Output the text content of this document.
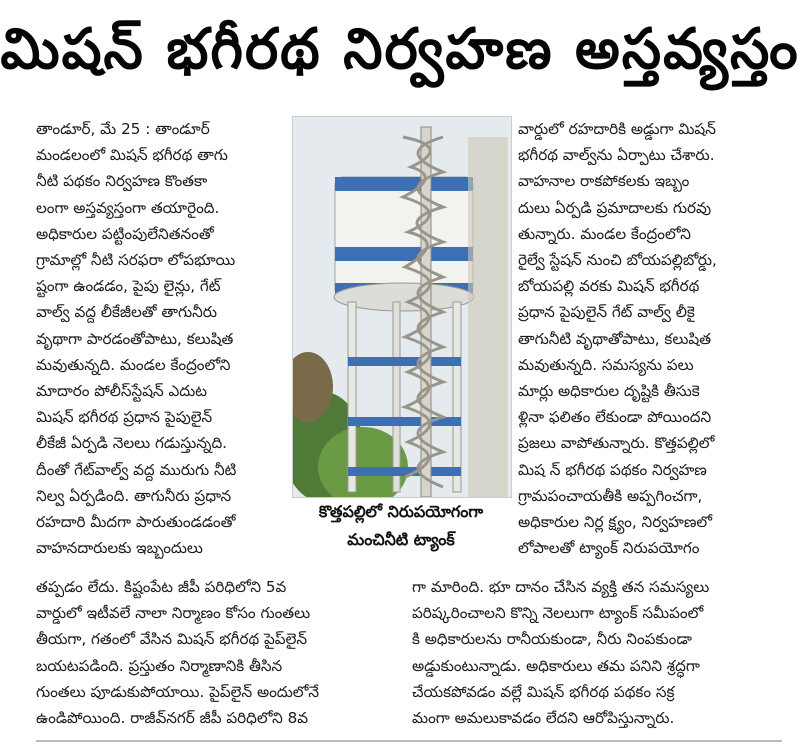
మిషన్ భగీరథ నిర్వహణ అస్తవ్యస్తం

తాండూర్, మే 25 : తాండూర్

మండలంలో మిషన్ భగీరథ తాగు

నీటి పథకం నిర్వహణ కొంతకా

లంగా అస్తవ్యస్తంగా తయారైంది.

అధికారుల పట్టింపులేనితనంతో

గ్రామాల్లో నీటి సరఫరా లోపభూయి

ష్టంగా ఉండడం, పైపు లైన్లు, గేట్

వాల్వ్ వద్ద లీకేజీలతో తాగునీరు

వృథాగా పారడంతోపాటు, కలుషిత

మవుతున్నది. మండల కేంద్రంలోని

మాదారం పోలీస్‌స్టేషన్ ఎదుట

మిషన్ భగీరథ ప్రధాన పైపులైన్

లీకేజీ ఏర్పడి నెలలు గడుస్తున్నది.

దీంతో గేట్‌వాల్వ్ వద్ద మురుగు నీటి

నిల్వ ఏర్పడింది. తాగునీరు ప్రధాన

రహదారి మీదగా పారుతుండడంతో

వాహనదారులకు ఇబ్బందులు

కొత్తపల్లిలో నిరుపయోగంగా
మంచినీటి ట్యాంక్

వార్డులో రహదారికి అడ్డుగా మిషన్

భగీరథ వాల్వ్‌ను ఏర్పాటు చేశారు.

వాహనాల రాకపోకలకు ఇబ్బం

దులు ఏర్పడి ప్రమాదాలకు గురవు

తున్నారు. మండల కేంద్రంలోని

రైల్వే స్టేషన్ నుంచి బోయపల్లిబోర్డు,

బోయపల్లి వరకు మిషన్ భగీరథ

ప్రధాన పైపులైన్ గేట్ వాల్వ్ లీకై

తాగునీటి వృథాతోపాటు, కలుషిత

మవుతున్నది. సమస్యను పలు

మార్లు అధికారుల దృష్టికి తీసుకె

ళ్లినా ఫలితం లేకుండా పోయిందని

ప్రజలు వాపోతున్నారు. కొత్తపల్లిలో

మిష న్ భగీరథ పథకం నిర్వహణ

గ్రామపంచాయతీకి అప్పగించగా,

అధికారుల నిర్ల క్ష్యం, నిర్వహణలో

లోపాలతో ట్యాంక్ నిరుపయోగం

తప్పడం లేదు. కిష్టంపేట జీపీ పరిధిలోని 5వ

వార్డులో ఇటీవలే నాలా నిర్మాణం కోసం గుంతలు

తీయగా, గతంలో వేసిన మిషన్ భగీరథ పైప్‌లైన్

బయటపడింది. ప్రస్తుతం నిర్మాణానికి తీసిన

గుంతలు పూడుకుపోయాయి. పైప్‌లైన్ అందులోనే

ఉండిపోయింది. రాజీవ్‌నగర్ జీపీ పరిధిలోని 8వ

గా మారింది. భూ దానం చేసిన వ్యక్తి తన సమస్యలు

పరిష్కరించాలని కొన్ని నెలలుగా ట్యాంక్ సమీపంలో

కి అధికారులను రానీయకుండా, నీరు నింపకుండా

అడ్డుకుంటున్నాడు. అధికారులు తమ పనిని శ్రద్ధగా

చేయకపోవడం వల్లే మిషన్ భగీరథ పథకం సక్ర

మంగా అమలుకావడం లేదని ఆరోపిస్తున్నారు.
